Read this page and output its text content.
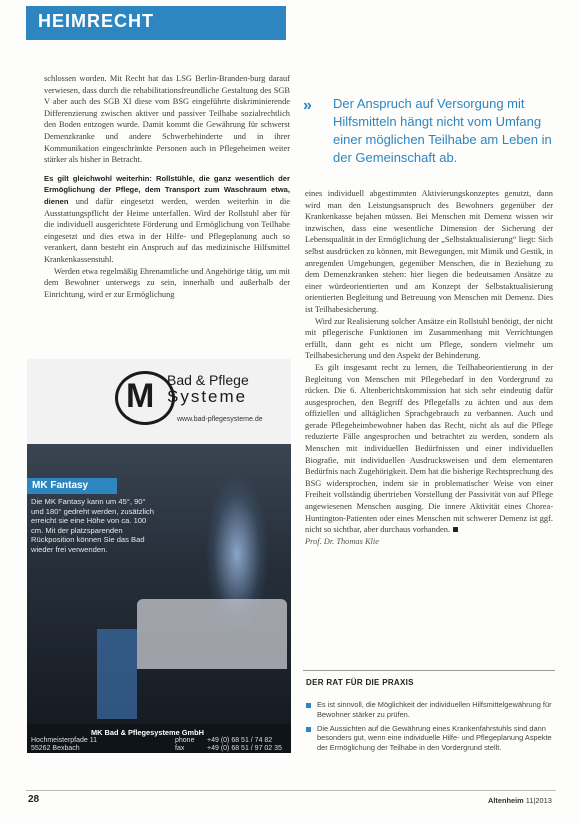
HEIMRECHT

schlossen worden. Mit Recht hat das LSG Berlin-Branden-burg darauf verwiesen, dass durch die rehabilitationsfreundliche Gestaltung des SGB V aber auch des SGB XI diese vom BSG eingeführte diskriminierende Differenzierung zwischen aktiver und passiver Teilhabe sozialrechtlich den Boden entzogen wurde. Damit kommt die Gewährung für schwerst Demenzkranke und andere Schwerbehinderte und in ihrer Kommunikation eingeschränkte Personen auch in Pflegeheimen weiter stärker als bisher in Betracht.

Es gilt gleichwohl weiterhin: Rollstühle, die ganz wesentlich der Ermöglichung der Pflege, dem Transport zum Waschraum etwa, dienen und dafür eingesetzt werden, werden weiterhin in die Ausstattungspflicht der Heime unterfallen. Wird der Rollstuhl aber für die individuell ausgerichtete Förderung und Ermöglichung von Teilhabe eingesetzt und dies etwa in der Hilfe- und Pflegeplanung auch so verankert, dann besteht ein Anspruch auf das medizinische Hilfsmittel Krankenkassenstuhl.

Werden etwa regelmäßig Ehrenamtliche und Angehörige tätig, um mit dem Bewohner unterwegs zu sein, innerhalb und außerhalb der Einrichtung, wird er zur Ermöglichung

» Der Anspruch auf Versorgung mit Hilfsmitteln hängt nicht vom Umfang einer möglichen Teilhabe am Leben in der Gemeinschaft ab.

eines individuell abgestimmten Aktivierungskonzeptes genutzt, dann wird man den Leistungsanspruch des Bewohners gegenüber der Krankenkasse bejahen müssen. Bei Menschen mit Demenz wissen wir inzwischen, dass eine wesentliche Dimension der Sicherung der Lebensqualität in der Ermöglichung der „Selbstaktualisierung“ liegt: Sich selbst ausdrücken zu können, mit Bewegungen, mit Mimik und Gestik, in anregenden Umgebungen, gegenüber Menschen, die in Beziehung zu dem Demenzkranken stehen: hier liegen die bedeutsamen Ansätze zu einer würdeorientierten und am Konzept der Selbstaktualisierung orientierten Begleitung und Betreuung von Menschen mit Demenz. Dies ist Teilhabesicherung.

Wird zur Realisierung solcher Ansätze ein Rollstuhl benötigt, der nicht mit pflegerische Funktionen im Zusammenhang mit Verrichtungen erfüllt, dann geht es nicht um Pflege, sondern vielmehr um Teilhabesicherung und den Aspekt der Behinderung.

Es gilt insgesamt recht zu lernen, die Teilhabeorientierung in der Begleitung von Menschen mit Pflegebedarf in den Vordergrund zu rücken. Die 6. Altenberichtskommission hat sich sehr eindeutig dafür ausgesprochen, den Begriff des Pflegefalls zu ächten und aus dem offiziellen und alltäglichen Sprachgebrauch zu verbannen. Auch und gerade Pflegeheimbewohner haben das Recht, nicht als auf die Pflege reduzierte Fälle angesprochen und betrachtet zu werden, sondern als Menschen mit individuellen Bedürfnissen und einer individuellen Biografie, mit individuellen Ausdrucksweisen und dem elementaren Bedürfnis nach Zugehörigkeit. Dem hat die bisherige Rechtsprechung des BSG widersprochen, indem sie in problematischer Weise von einer Freiheit vollständig übertrieben Vorstellung der Passivität von auf Pflege angewiesenen Menschen ausging. Die innere Aktivität eines Chorea-Huntington-Patienten oder eines Menschen mit schwerer Demenz ist ggf. nicht so sichtbar, aber durchaus vorhanden.

Prof. Dr. Thomas Klie

M Bad & Pflege
Systeme
www.bad-pflegesysteme.de
MK Fantasy
Die MK Fantasy kann um 45°, 90° und 180° gedreht werden, zusätzlich erreicht sie eine Höhe von ca. 100 cm. Mit der platzsparenden Rückposition können Sie das Bad wieder frei verwenden.
MK Bad & Pflegesysteme GmbH
Hochmeisterpfade 11
55262 Bexbach
phone +49 (0) 68 51 / 74 82
fax	+49 (0) 68 51 / 97 02 35
DER RAT FÜR DIE PRAXIS
Es ist sinnvoll, die Möglichkeit der individuellen Hilfsmittelgewährung für Bewohner stärker zu prüfen.
Die Aussichten auf die Gewährung eines Krankenfahrstuhls sind dann besonders gut, wenn eine individuelle Hilfe- und Pflegeplanung Aspekte der Ermöglichung der Teilhabe in den Vordergrund stellt.
28	Altenheim 11|2013
